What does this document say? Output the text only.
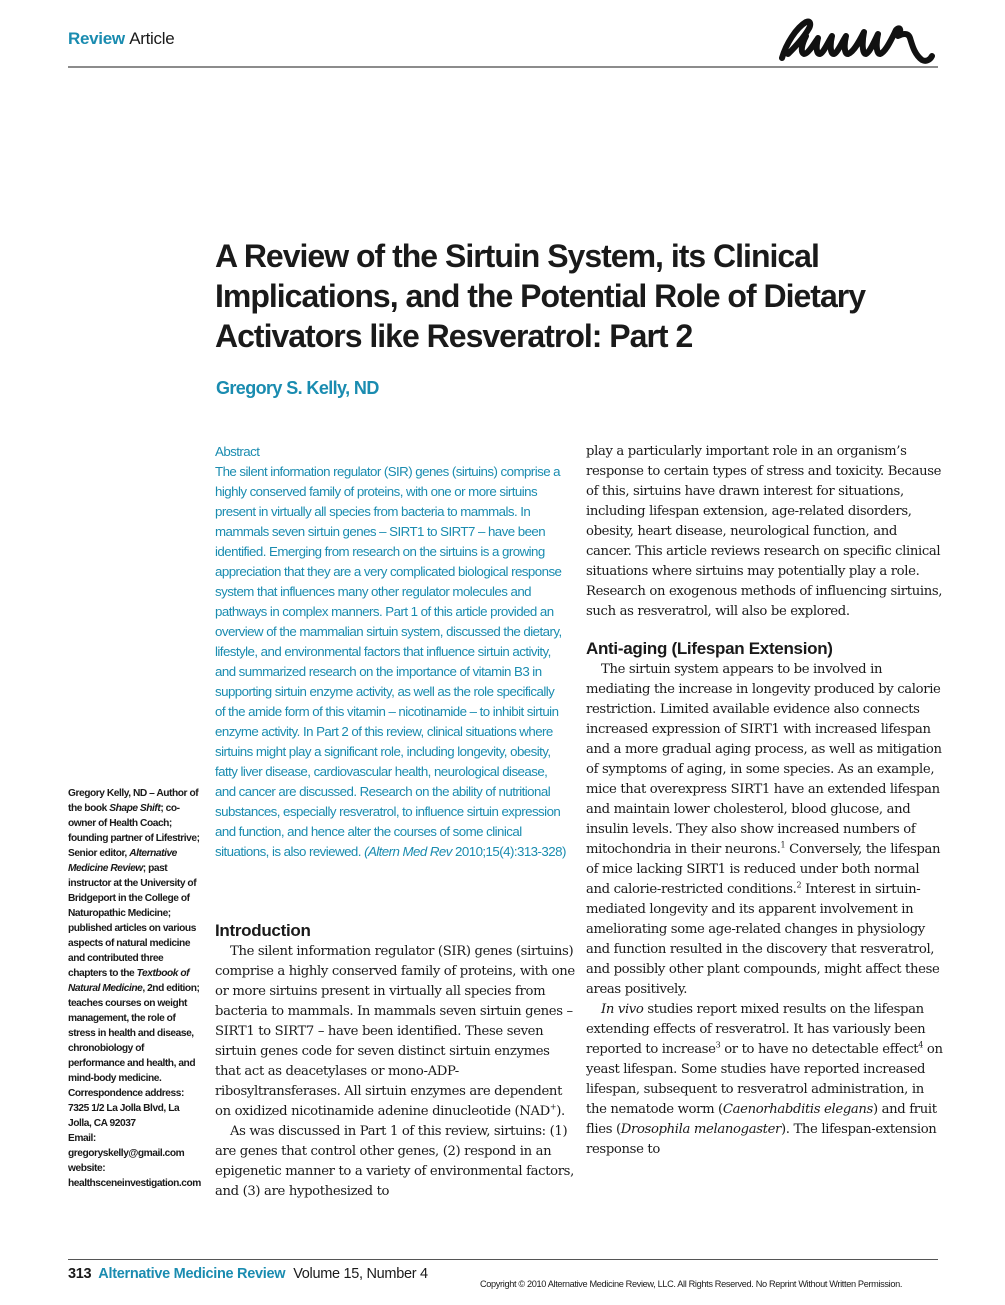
Review Article
A Review of the Sirtuin System, its Clinical Implications, and the Potential Role of Dietary Activators like Resveratrol: Part 2
Gregory S. Kelly, ND
Abstract
The silent information regulator (SIR) genes (sirtuins) comprise a highly conserved family of proteins, with one or more sirtuins present in virtually all species from bacteria to mammals. In mammals seven sirtuin genes – SIRT1 to SIRT7 – have been identified. Emerging from research on the sirtuins is a growing appreciation that they are a very complicated biological response system that influences many other regulator molecules and pathways in complex manners. Part 1 of this article provided an overview of the mammalian sirtuin system, discussed the dietary, lifestyle, and environmental factors that influence sirtuin activity, and summarized research on the importance of vitamin B3 in supporting sirtuin enzyme activity, as well as the role specifically of the amide form of this vitamin – nicotinamide – to inhibit sirtuin enzyme activity. In Part 2 of this review, clinical situations where sirtuins might play a significant role, including longevity, obesity, fatty liver disease, cardiovascular health, neurological disease, and cancer are discussed. Research on the ability of nutritional substances, especially resveratrol, to influence sirtuin expression and function, and hence alter the courses of some clinical situations, is also reviewed. (Altern Med Rev 2010;15(4):313-328)
Gregory Kelly, ND – Author of the book Shape Shift; co-owner of Health Coach; founding partner of Lifestrive; Senior editor, Alternative Medicine Review; past instructor at the University of Bridgeport in the College of Naturopathic Medicine; published articles on various aspects of natural medicine and contributed three chapters to the Textbook of Natural Medicine, 2nd edition; teaches courses on weight management, the role of stress in health and disease, chronobiology of performance and health, and mind-body medicine.
Correspondence address:
7325 1/2 La Jolla Blvd, La Jolla, CA 92037
Email:
gregoryskelly@gmail.com
website:
healthsceneinvestigation.com
Introduction

The silent information regulator (SIR) genes (sirtuins) comprise a highly conserved family of proteins, with one or more sirtuins present in virtually all species from bacteria to mammals. In mammals seven sirtuin genes – SIRT1 to SIRT7 – have been identified. These seven sirtuin genes code for seven distinct sirtuin enzymes that act as deacetylases or mono-ADP-ribosyltransferases. All sirtuin enzymes are dependent on oxidized nicotinamide adenine dinucleotide (NAD+).

As was discussed in Part 1 of this review, sirtuins: (1) are genes that control other genes, (2) respond in an epigenetic manner to a variety of environmental factors, and (3) are hypothesized to

play a particularly important role in an organism’s response to certain types of stress and toxicity. Because of this, sirtuins have drawn interest for situations, including lifespan extension, age-related disorders, obesity, heart disease, neurological function, and cancer. This article reviews research on specific clinical situations where sirtuins may potentially play a role. Research on exogenous methods of influencing sirtuins, such as resveratrol, will also be explored.

Anti-aging (Lifespan Extension)

The sirtuin system appears to be involved in mediating the increase in longevity produced by calorie restriction. Limited available evidence also connects increased expression of SIRT1 with increased lifespan and a more gradual aging process, as well as mitigation of symptoms of aging, in some species. As an example, mice that overexpress SIRT1 have an extended lifespan and maintain lower cholesterol, blood glucose, and insulin levels. They also show increased numbers of mitochondria in their neurons.$^1$ Conversely, the lifespan of mice lacking SIRT1 is reduced under both normal and calorie-restricted conditions.$^2$ Interest in sirtuin-mediated longevity and its apparent involvement in ameliorating some age-related changes in physiology and function resulted in the discovery that resveratrol, and possibly other plant compounds, might affect these areas positively.

In vivo studies report mixed results on the lifespan extending effects of resveratrol. It has variously been reported to increase$^3$ or to have no detectable effect$^4$ on yeast lifespan. Some studies have reported increased lifespan, subsequent to resveratrol administration, in the nematode worm (Caenorhabditis elegans) and fruit flies (Drosophila melanogaster). The lifespan-extension response to

313 Alternative Medicine Review Volume 15, Number 4
Copyright © 2010 Alternative Medicine Review, LLC. All Rights Reserved. No Reprint Without Written Permission.
